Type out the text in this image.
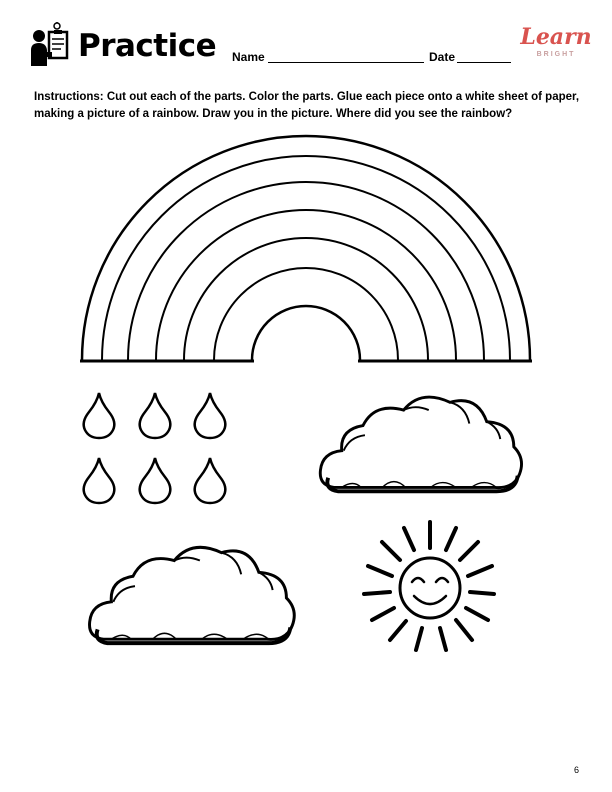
Practice Name	Date
Learn
BRIGHT
Instructions: Cut out each of the parts. Color the parts. Glue each piece onto a white sheet of paper, making a picture of a rainbow. Draw you in the picture. Where did you see the rainbow?
6
